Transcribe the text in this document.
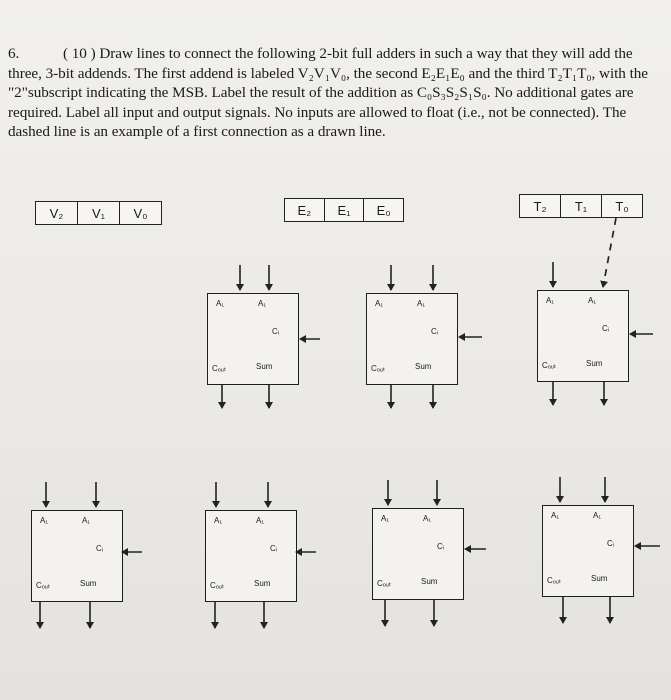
6.	( 10 ) Draw lines to connect the following 2-bit full adders in such a way that they will add the three, 3-bit addends. The first addend is labeled V₂V₁V₀, the second E₂E₁E₀ and the third T₂T₁T₀, with the "2"subscript indicating the MSB. Label the result of the addition as C₀S₃S₂S₁S₀. No additional gates are required. Label all input and output signals. No inputs are allowed to float (i.e., not be connected). The dashed line is an example of a first connection as a drawn line.
V₂	V₁	V₀	E₂	E₁	E₀	T₂	T₁	T₀
A₁	A₁
Cᵢ
Cₒᵤₜ	Sum
A₁	A₁
Cᵢ
Cₒᵤₜ	Sum
A₁	A₁
Cᵢ
Cₒᵤₜ	Sum
A₁	A₁
Cᵢ
Cₒᵤₜ	Sum
A₁	A₁
Cᵢ
Cₒᵤₜ	Sum
A₁	A₁
Cᵢ
Cₒᵤₜ	Sum
A₁	A₁
Cᵢ
Cₒᵤₜ	Sum
